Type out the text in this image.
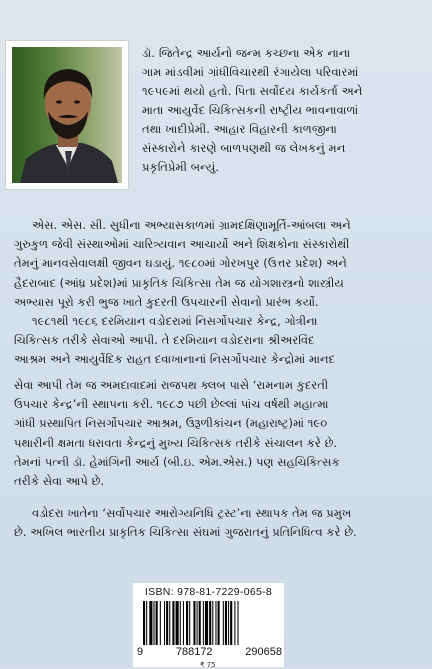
ડૉ. જિતેન્દ્ર આર્યનો જન્મ કચ્છના એક નાના
ગામ માંડવીમાં ગાંધીવિચારથી રંગાયેલા પરિવારમાં
૧૯૫૯માં થયો હતો. પિતા સર્વોદય કાર્યકર્તા અને
માતા આયુર્વેદ ચિકિત્સકની રાષ્ટ્રીય ભાવનાવાળાં
તથા ખાદીપ્રેમી. આહાર વિહારની કાળજીના
સંસ્કારોને કારણે બાળપણથી જ લેખકનું મન
પ્રકૃતિપ્રેમી બન્યું.
એસ. એસ. સી. સુધીના અભ્યાસકાળમાં ગ્રામદક્ષિણામૂર્તિ-આંબલા અને
ગુરુકુળ જેવી સંસ્થાઓમાં ચારિત્ર્યવાન આચાર્યો અને શિક્ષકોના સંસ્કારોથી
તેમનું માનવસેવાલક્ષી જીવન ઘડાયું. ૧૯૮૦માં ગોરખપુર (ઉત્તર પ્રદેશ) અને
હૈદરાબાદ (આંધ્ર પ્રદેશ)માં પ્રાકૃતિક ચિકિત્સા તેમ જ યોગશાસ્ત્રનો શાસ્ત્રીય
અભ્યાસ પૂરો કરી ભુજ ખાતે કુદરતી ઉપચારની સેવાનો પ્રારંભ કર્યો.
૧૯૮૧થી ૧૯૮૬ દરમિયાન વડોદરામાં નિસર્ગોપચાર કેન્દ્ર, ગોત્રીના
ચિકિત્સક તરીકે સેવાઓ આપી. તે દરમિયાન વડોદરાના શ્રીઅરવિંદ
આશ્રમ અને આયુર્વેદિક રાહત દવાખાનાનાં નિસર્ગોપચાર કેન્દ્રોમાં માનદ
સેવા આપી તેમ જ અમદાવાદમાં રાજપથ ક્લબ પાસે ‘રામનામ કુદરતી
ઉપચાર કેન્દ્ર’ની સ્થાપના કરી. ૧૯૮૭ પછી છેલ્લાં પાંચ વર્ષથી મહાત્મા
ગાંધી પ્રસ્થાપિત નિસર્ગોપચાર આશ્રમ, ઉરૂળીકાંચન (મહારાષ્ટ્ર)માં ૧૯૦
પથારીની ક્ષમતા ધરાવતા કેન્દ્રનું મુખ્ય ચિકિત્સક તરીકે સંચાલન કરે છે.
તેમનાં પત્ની ડૉ. હેમાંગિની આર્ય (બી.ઇ. એમ.એસ.) પણ સહચિકિત્સક
તરીકે સેવા આપે છે.
વડોદરા ખાતેના ‘સર્વોપચાર આરોગ્યનિધિ ટ્રસ્ટ’ના સ્થાપક તેમ જ પ્રમુખ
છે. અખિલ ભારતીય પ્રાકૃતિક ચિકિત્સા સંઘમાં ગુજરાતનું પ્રતિનિધિત્વ કરે છે.
ISBN: 978-81-7229-065-8
9	788172	290658
₹ 75
